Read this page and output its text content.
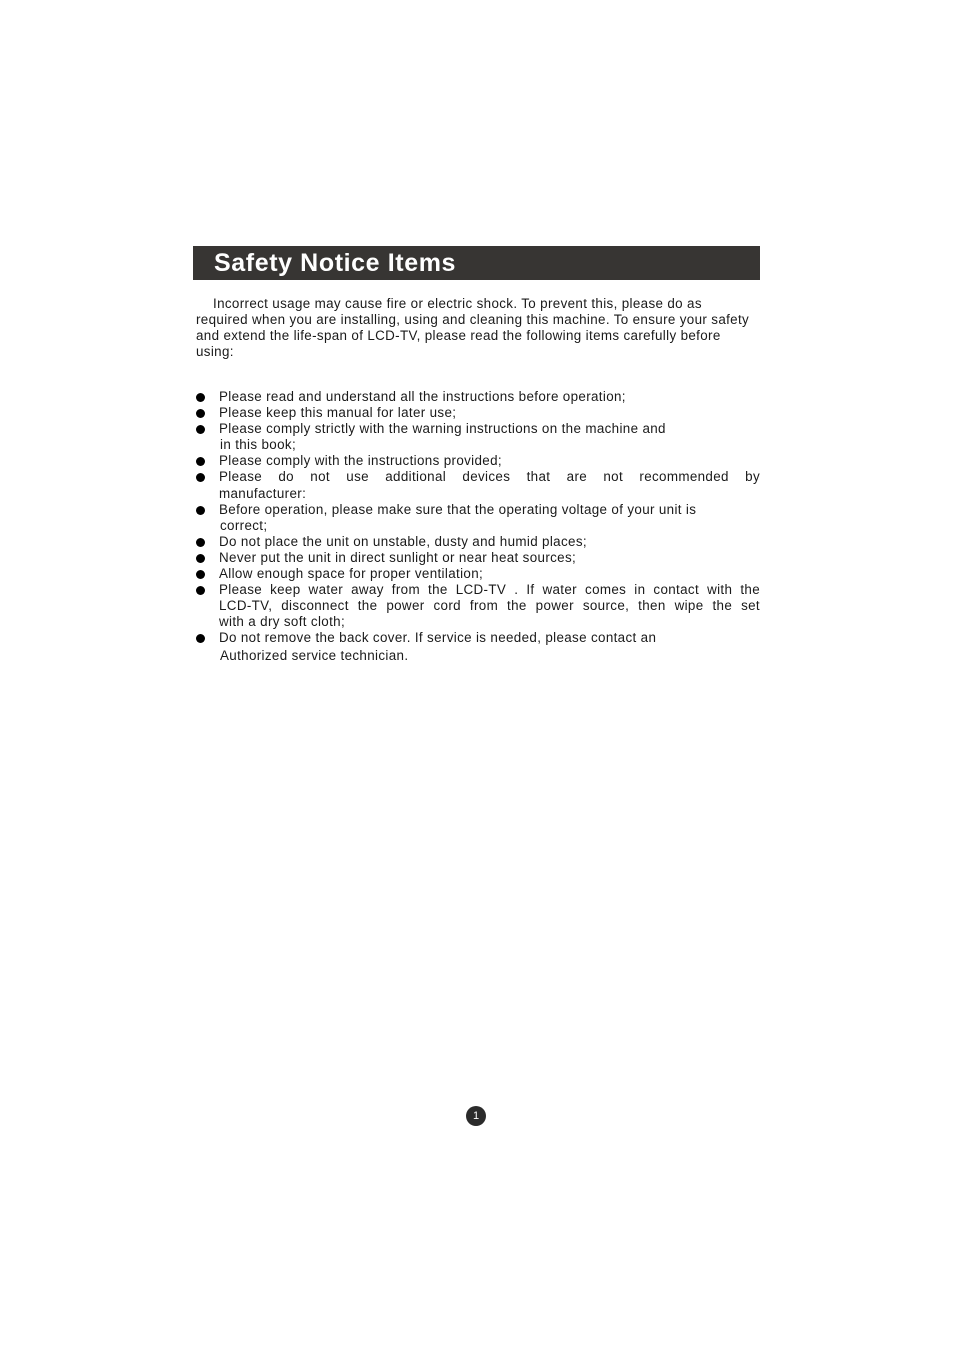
Safety Notice Items

Incorrect usage may cause fire or electric shock. To prevent this, please do as required when you are installing, using and cleaning this machine. To ensure your safety and extend the life-span of LCD-TV, please read the following items carefully before using:

Please read and understand all the instructions before operation;
Please keep this manual for later use;
Please comply strictly with the warning instructions on the machine and
in this book;
Please comply with the instructions provided;
Please do not use additional devices that are not recommended by
manufacturer:
Before operation, please make sure that the operating voltage of your unit is
correct;
Do not place the unit on unstable, dusty and humid places;
Never put the unit in direct sunlight or near heat sources;
Allow enough space for proper ventilation;
Please keep water away from the LCD-TV . If water comes in contact with the
LCD-TV, disconnect the power cord from the power source, then wipe the set
with a dry soft cloth;
Do not remove the back cover. If service is needed, please contact an
Authorized service technician.
1
